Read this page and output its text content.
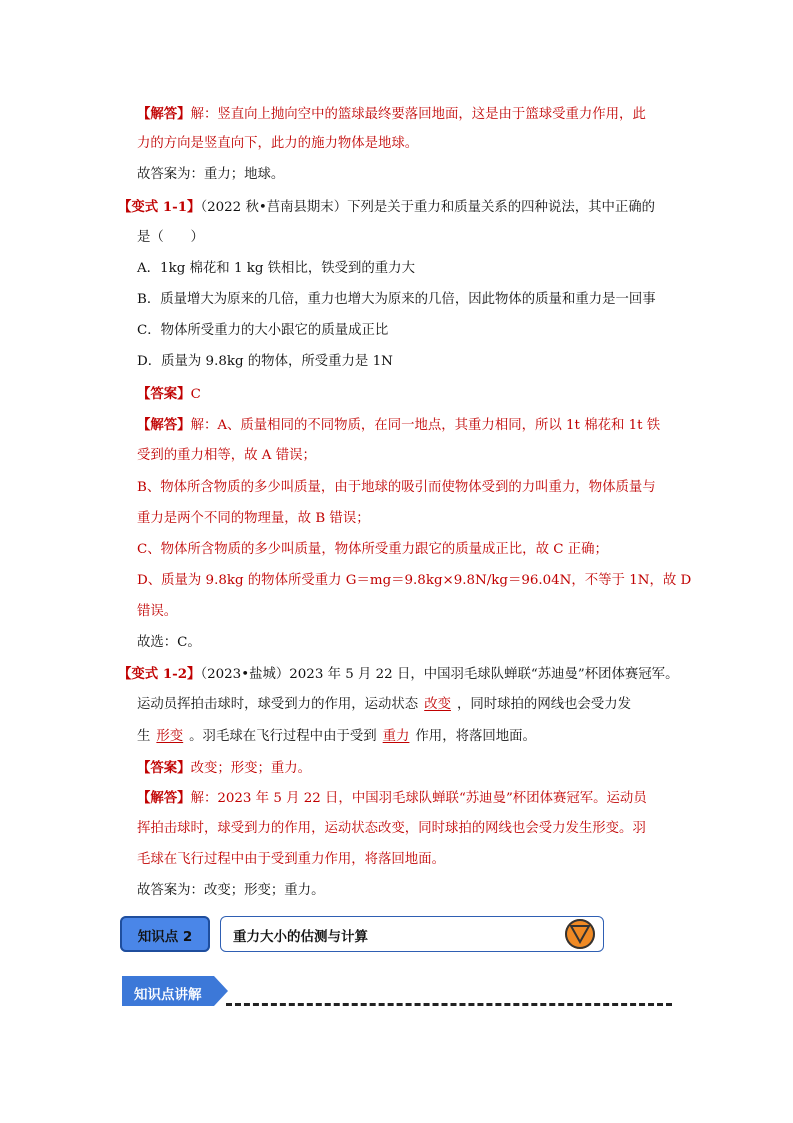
【解答】解：竖直向上抛向空中的篮球最终要落回地面，这是由于篮球受重力作用，此
力的方向是竖直向下，此力的施力物体是地球。
故答案为：重力；地球。
【变式 1-1】（2022 秋•莒南县期末）下列是关于重力和质量关系的四种说法，其中正确的
是（　　）
A．1kg 棉花和 1 kg 铁相比，铁受到的重力大
B．质量增大为原来的几倍，重力也增大为原来的几倍，因此物体的质量和重力是一回事
C．物体所受重力的大小跟它的质量成正比
D．质量为 9.8kg 的物体，所受重力是 1N
【答案】C
【解答】解：A、质量相同的不同物质，在同一地点，其重力相同，所以 1t 棉花和 1t 铁
受到的重力相等，故 A 错误；
B、物体所含物质的多少叫质量，由于地球的吸引而使物体受到的力叫重力，物体质量与
重力是两个不同的物理量，故 B 错误；
C、物体所含物质的多少叫质量，物体所受重力跟它的质量成正比，故 C 正确；
D、质量为 9.8kg 的物体所受重力 G＝mg＝9.8kg×9.8N/kg＝96.04N，不等于 1N，故 D
错误。
故选：C。
【变式 1-2】（2023•盐城）2023 年 5 月 22 日，中国羽毛球队蝉联“苏迪曼”杯团体赛冠军。
运动员挥拍击球时，球受到力的作用，运动状态 改变 ，同时球拍的网线也会受力发
生 形变 。羽毛球在飞行过程中由于受到 重力 作用，将落回地面。
【答案】改变；形变；重力。
【解答】解：2023 年 5 月 22 日，中国羽毛球队蝉联“苏迪曼”杯团体赛冠军。运动员
挥拍击球时，球受到力的作用，运动状态改变，同时球拍的网线也会受力发生形变。羽
毛球在飞行过程中由于受到重力作用，将落回地面。
故答案为：改变；形变；重力。
知识点 2	重力大小的估测与计算
知识点讲解
